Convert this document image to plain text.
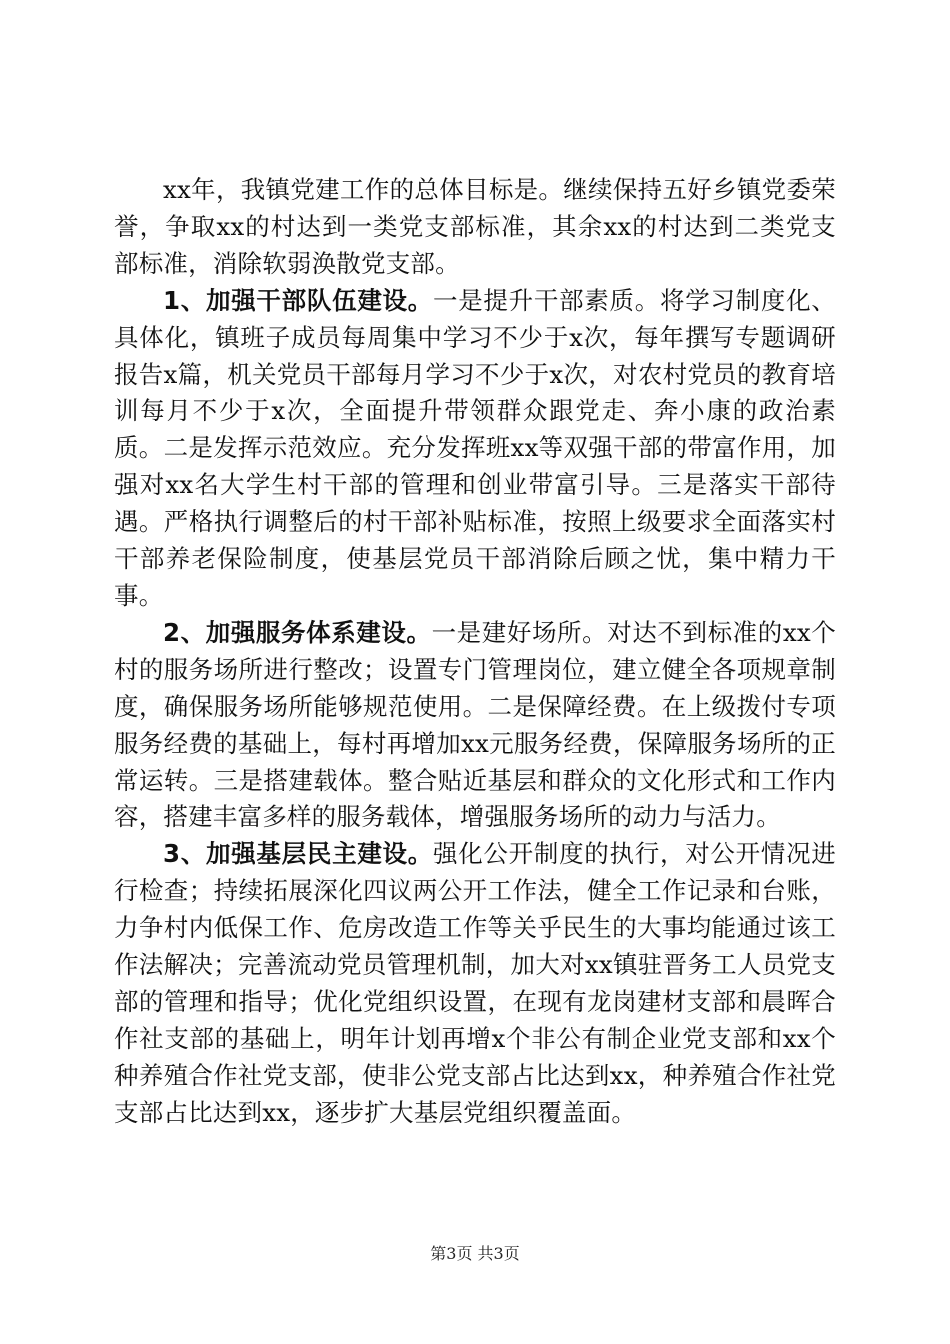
xx年，我镇党建工作的总体目标是。继续保持五好乡镇党委荣誉，争取xx的村达到一类党支部标准，其余xx的村达到二类党支部标准，消除软弱涣散党支部。

1、加强干部队伍建设。一是提升干部素质。将学习制度化、具体化，镇班子成员每周集中学习不少于x次，每年撰写专题调研报告x篇，机关党员干部每月学习不少于x次，对农村党员的教育培训每月不少于x次，全面提升带领群众跟党走、奔小康的政治素质。二是发挥示范效应。充分发挥班xx等双强干部的带富作用，加强对xx名大学生村干部的管理和创业带富引导。三是落实干部待遇。严格执行调整后的村干部补贴标准，按照上级要求全面落实村干部养老保险制度，使基层党员干部消除后顾之忧，集中精力干事。

2、加强服务体系建设。一是建好场所。对达不到标准的xx个村的服务场所进行整改；设置专门管理岗位，建立健全各项规章制度，确保服务场所能够规范使用。二是保障经费。在上级拨付专项服务经费的基础上，每村再增加xx元服务经费，保障服务场所的正常运转。三是搭建载体。整合贴近基层和群众的文化形式和工作内容，搭建丰富多样的服务载体，增强服务场所的动力与活力。

3、加强基层民主建设。强化公开制度的执行，对公开情况进行检查；持续拓展深化四议两公开工作法，健全工作记录和台账，力争村内低保工作、危房改造工作等关乎民生的大事均能通过该工作法解决；完善流动党员管理机制，加大对xx镇驻晋务工人员党支部的管理和指导；优化党组织设置，在现有龙岗建材支部和晨晖合作社支部的基础上，明年计划再增x个非公有制企业党支部和xx个种养殖合作社党支部，使非公党支部占比达到xx，种养殖合作社党支部占比达到xx，逐步扩大基层党组织覆盖面。

第3页 共3页
